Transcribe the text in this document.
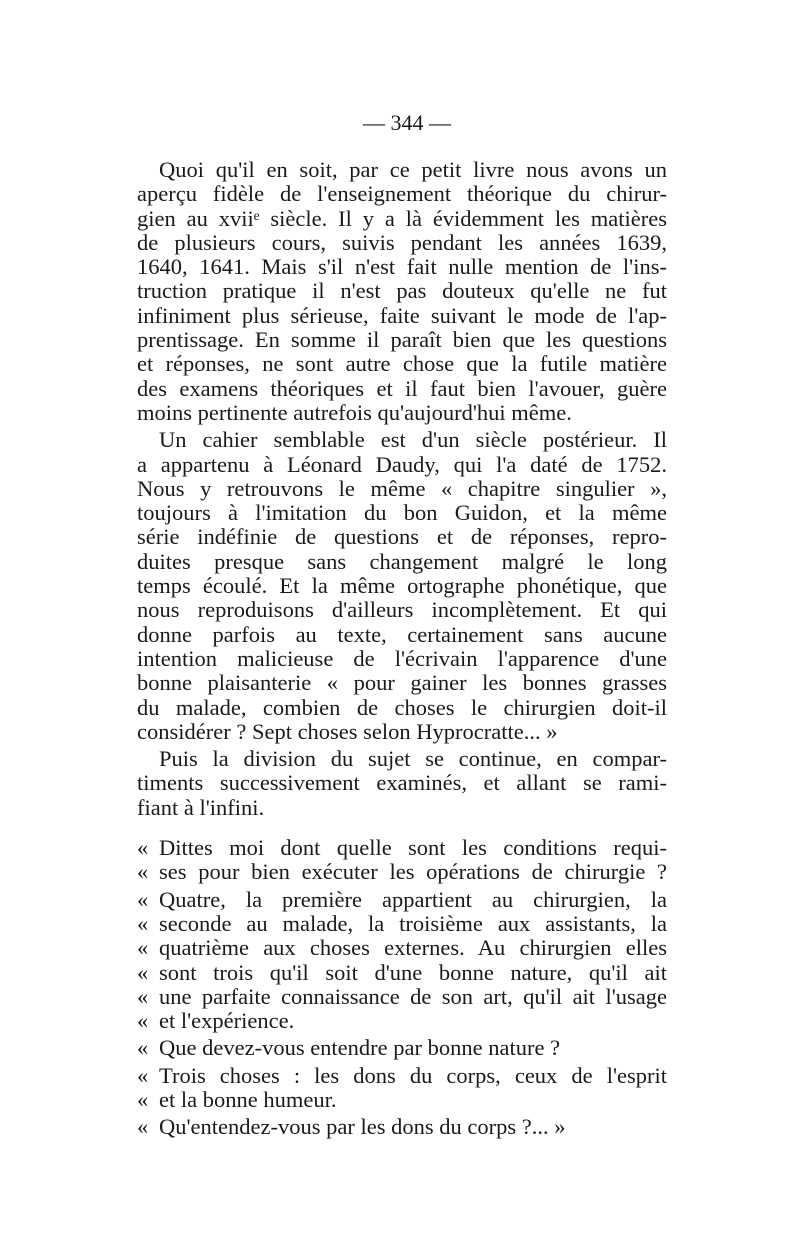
— 344 —
Quoi qu'il en soit, par ce petit livre nous avons un
aperçu fidèle de l'enseignement théorique du chirur-
gien au xviiᵉ siècle. Il y a là évidemment les matières
de plusieurs cours, suivis pendant les années 1639,
1640, 1641. Mais s'il n'est fait nulle mention de l'ins-
truction pratique il n'est pas douteux qu'elle ne fut
infiniment plus sérieuse, faite suivant le mode de l'ap-
prentissage. En somme il paraît bien que les questions
et réponses, ne sont autre chose que la futile matière
des examens théoriques et il faut bien l'avouer, guère
moins pertinente autrefois qu'aujourd'hui même.
Un cahier semblable est d'un siècle postérieur. Il
a appartenu à Léonard Daudy, qui l'a daté de 1752.
Nous y retrouvons le même « chapitre singulier »,
toujours à l'imitation du bon Guidon, et la même
série indéfinie de questions et de réponses, repro-
duites presque sans changement malgré le long
temps écoulé. Et la même ortographe phonétique, que
nous reproduisons d'ailleurs incomplètement. Et qui
donne parfois au texte, certainement sans aucune
intention malicieuse de l'écrivain l'apparence d'une
bonne plaisanterie « pour gainer les bonnes grasses
du malade, combien de choses le chirurgien doit-il
considérer ? Sept choses selon Hyprocratte... »
Puis la division du sujet se continue, en compar-
timents successivement examinés, et allant se rami-
fiant à l'infini.
« Dittes moi dont quelle sont les conditions requi-
« ses pour bien exécuter les opérations de chirurgie ?
« Quatre, la première appartient au chirurgien, la
« seconde au malade, la troisième aux assistants, la
« quatrième aux choses externes. Au chirurgien elles
« sont trois qu'il soit d'une bonne nature, qu'il ait
« une parfaite connaissance de son art, qu'il ait l'usage
« et l'expérience.
« Que devez-vous entendre par bonne nature ?
« Trois choses : les dons du corps, ceux de l'esprit
« et la bonne humeur.
« Qu'entendez-vous par les dons du corps ?... »
